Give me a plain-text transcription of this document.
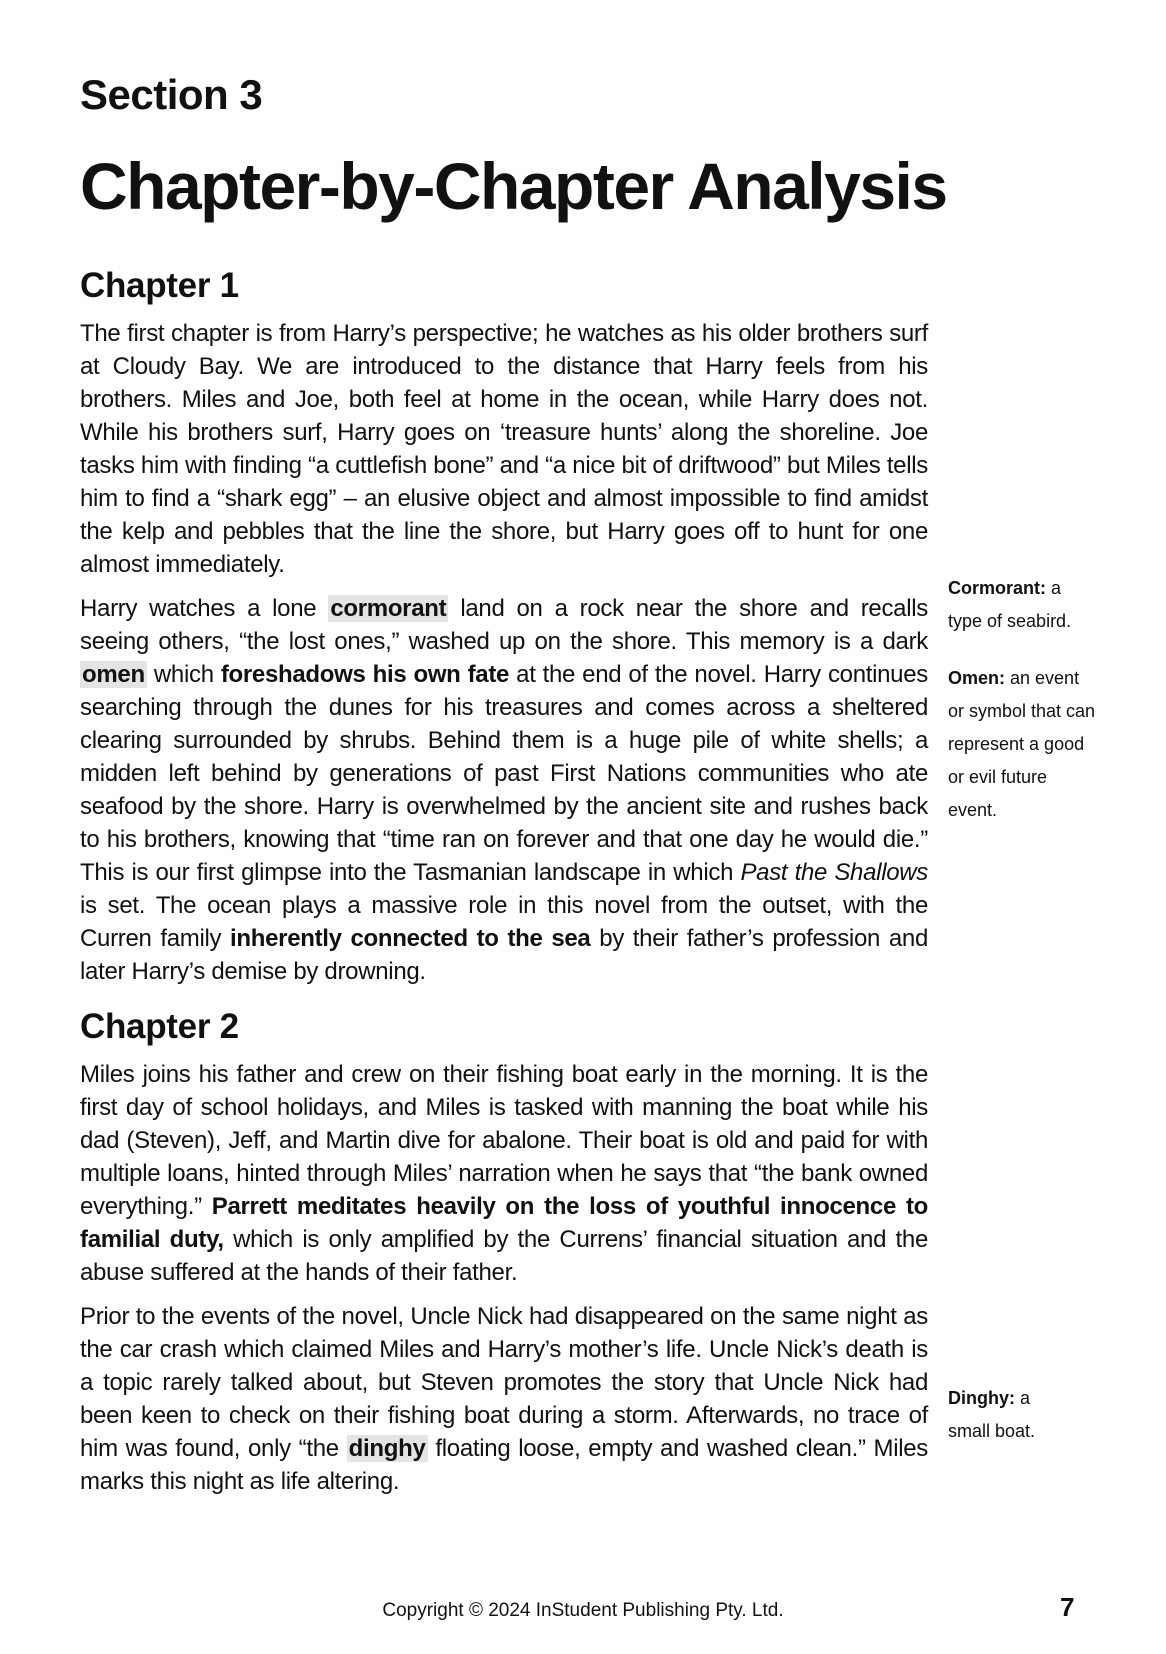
Section 3
Chapter-by-Chapter Analysis
Chapter 1

The first chapter is from Harry’s perspective; he watches as his older brothers surf at Cloudy Bay. We are introduced to the distance that Harry feels from his brothers. Miles and Joe, both feel at home in the ocean, while Harry does not. While his brothers surf, Harry goes on ‘treasure hunts’ along the shoreline. Joe tasks him with finding “a cuttlefish bone” and “a nice bit of driftwood” but Miles tells him to find a “shark egg” – an elusive object and almost impossible to find amidst the kelp and pebbles that the line the shore, but Harry goes off to hunt for one almost immediately.

Harry watches a lone cormorant land on a rock near the shore and recalls seeing others, “the lost ones,” washed up on the shore. This memory is a dark omen which foreshadows his own fate at the end of the novel. Harry continues searching through the dunes for his treasures and comes across a sheltered clearing surrounded by shrubs. Behind them is a huge pile of white shells; a midden left behind by generations of past First Nations communities who ate seafood by the shore. Harry is overwhelmed by the ancient site and rushes back to his brothers, knowing that “time ran on forever and that one day he would die.” This is our first glimpse into the Tasmanian landscape in which Past the Shallows is set. The ocean plays a massive role in this novel from the outset, with the Curren family inherently connected to the sea by their father’s profession and later Harry’s demise by drowning.

Chapter 2

Miles joins his father and crew on their fishing boat early in the morning. It is the first day of school holidays, and Miles is tasked with manning the boat while his dad (Steven), Jeff, and Martin dive for abalone. Their boat is old and paid for with multiple loans, hinted through Miles’ narration when he says that “the bank owned everything.” Parrett meditates heavily on the loss of youthful innocence to familial duty, which is only amplified by the Currens’ financial situation and the abuse suffered at the hands of their father.

Prior to the events of the novel, Uncle Nick had disappeared on the same night as the car crash which claimed Miles and Harry’s mother’s life. Uncle Nick’s death is a topic rarely talked about, but Steven promotes the story that Uncle Nick had been keen to check on their fishing boat during a storm. Afterwards, no trace of him was found, only “the dinghy floating loose, empty and washed clean.” Miles marks this night as life altering.

Cormorant: a type of seabird.

Omen: an event or symbol that can represent a good or evil future event.

Dinghy: a small boat.

Copyright © 2024 InStudent Publishing Pty. Ltd.	7
